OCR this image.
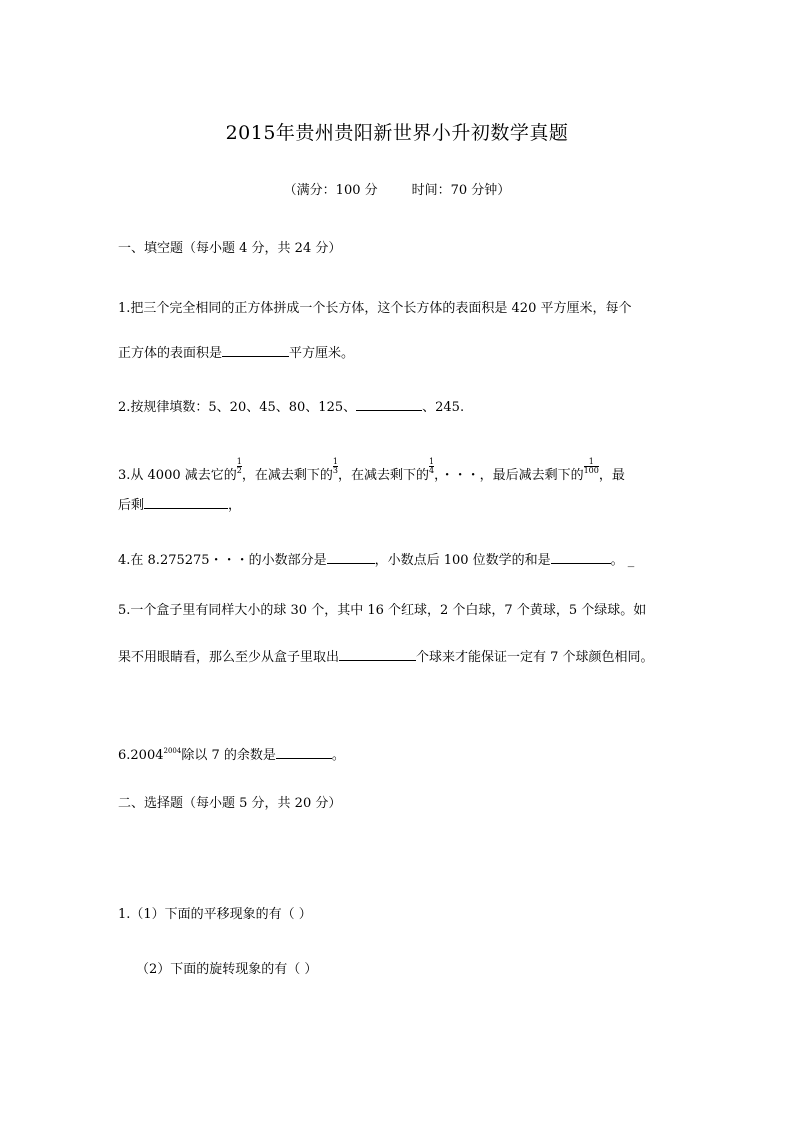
2015年贵州贵阳新世界小升初数学真题
（满分：100 分	时间：70 分钟）
一、填空题（每小题 4 分，共 24 分）
1.把三个完全相同的正方体拼成一个长方体，这个长方体的表面积是 420 平方厘米，每个
正方体的表面积是	平方厘米。
2.按规律填数：5、20、45、80、125、	、245.
3.从 4000 减去它的
$\frac{1}{2}$
，在减去剩下的
$\frac{1}{3}$
，在减去剩下的
$\frac{1}{4}$
，・・・，最后减去剩下的
$\frac{1}{100}$
，最
后剩	，
4.在 8.275275・・・的小数部分是	，小数点后 100 位数学的和是	。 _
5.一个盒子里有同样大小的球 30 个，其中 16 个红球，2 个白球，7 个黄球，5 个绿球。如
果不用眼睛看，那么至少从盒子里取出	个球来才能保证一定有 7 个球颜色相同。
$6.2004^{2004}$除以 7 的余数是	。
二、选择题（每小题 5 分，共 20 分）
1.（1）下面的平移现象的有（ ）
（2）下面的旋转现象的有（ ）
